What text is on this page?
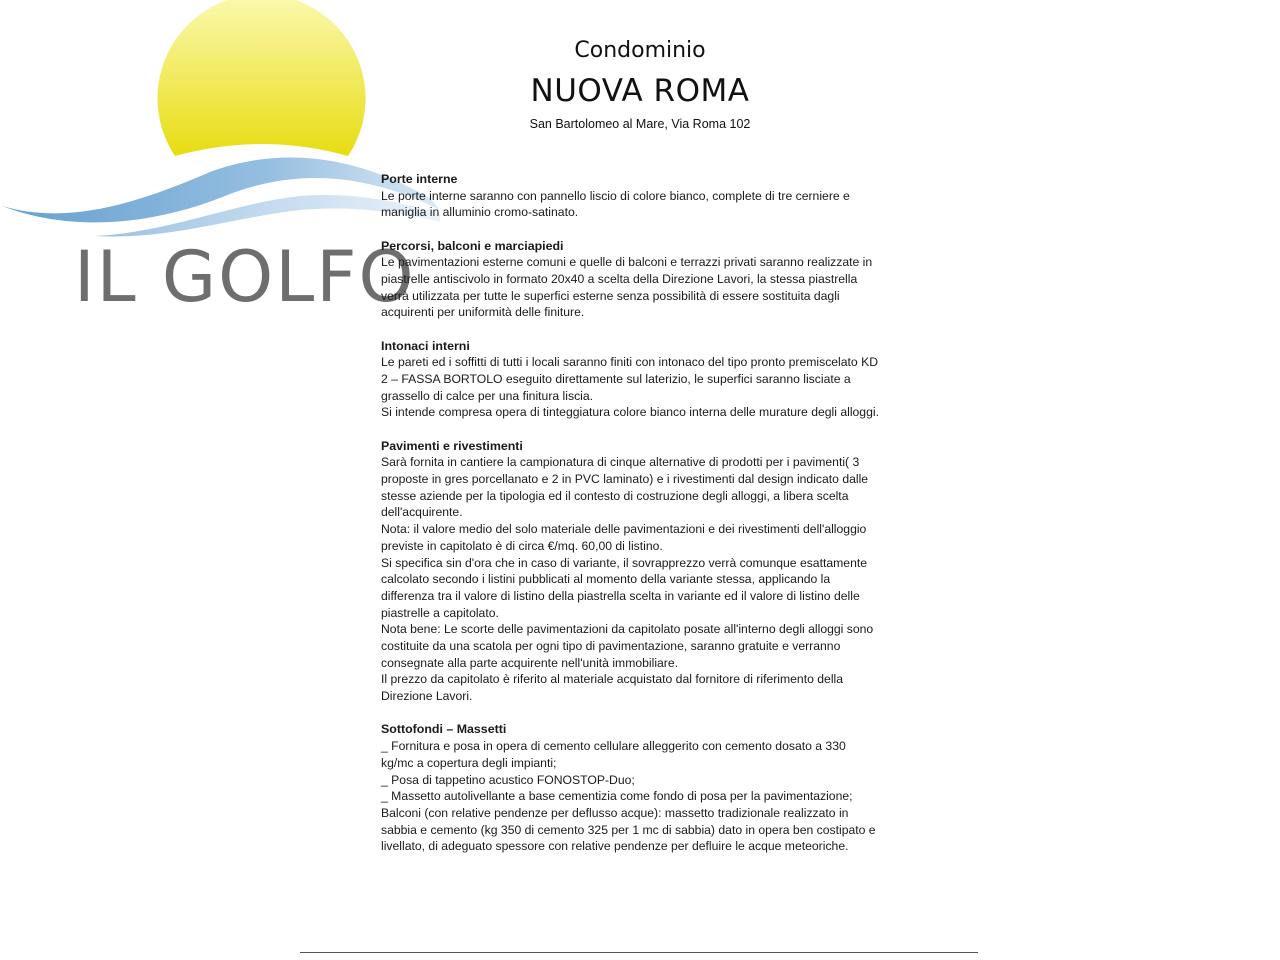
IL GOLFO

Condominio

NUOVA ROMA

San Bartolomeo al Mare, Via Roma 102

Porte interne

Le porte interne saranno con pannello liscio di colore bianco, complete di tre cerniere e

maniglia in alluminio cromo-satinato.

Percorsi, balconi e marciapiedi

Le pavimentazioni esterne comuni e quelle di balconi e terrazzi privati saranno realizzate in

piastrelle antiscivolo in formato 20x40 a scelta della Direzione Lavori, la stessa piastrella

verrà utilizzata per tutte le superfici esterne senza possibilità di essere sostituita dagli

acquirenti per uniformità delle finiture.

Intonaci interni

Le pareti ed i soffitti di tutti i locali saranno finiti con intonaco del tipo pronto premiscelato KD

2 – FASSA BORTOLO eseguito direttamente sul laterizio, le superfici saranno lisciate a

grassello di calce per una finitura liscia.

Si intende compresa opera di tinteggiatura colore bianco interna delle murature degli alloggi.

Pavimenti e rivestimenti

Sarà fornita in cantiere la campionatura di cinque alternative di prodotti per i pavimenti( 3

proposte in gres porcellanato e 2 in PVC laminato) e i rivestimenti dal design indicato dalle

stesse aziende per la tipologia ed il contesto di costruzione degli alloggi, a libera scelta

dell'acquirente.

Nota: il valore medio del solo materiale delle pavimentazioni e dei rivestimenti dell'alloggio

previste in capitolato è di circa €/mq. 60,00 di listino.

Si specifica sin d'ora che in caso di variante, il sovrapprezzo verrà comunque esattamente

calcolato secondo i listini pubblicati al momento della variante stessa, applicando la

differenza tra il valore di listino della piastrella scelta in variante ed il valore di listino delle

piastrelle a capitolato.

Nota bene: Le scorte delle pavimentazioni da capitolato posate all'interno degli alloggi sono

costituite da una scatola per ogni tipo di pavimentazione, saranno gratuite e verranno

consegnate alla parte acquirente nell'unità immobiliare.

Il prezzo da capitolato è riferito al materiale acquistato dal fornitore di riferimento della

Direzione Lavori.

Sottofondi – Massetti

_ Fornitura e posa in opera di cemento cellulare alleggerito con cemento dosato a 330

kg/mc a copertura degli impianti;

_ Posa di tappetino acustico FONOSTOP-Duo;

_ Massetto autolivellante a base cementizia come fondo di posa per la pavimentazione;

Balconi (con relative pendenze per deflusso acque): massetto tradizionale realizzato in

sabbia e cemento (kg 350 di cemento 325 per 1 mc di sabbia) dato in opera ben costipato e

livellato, di adeguato spessore con relative pendenze per defluire le acque meteoriche.
